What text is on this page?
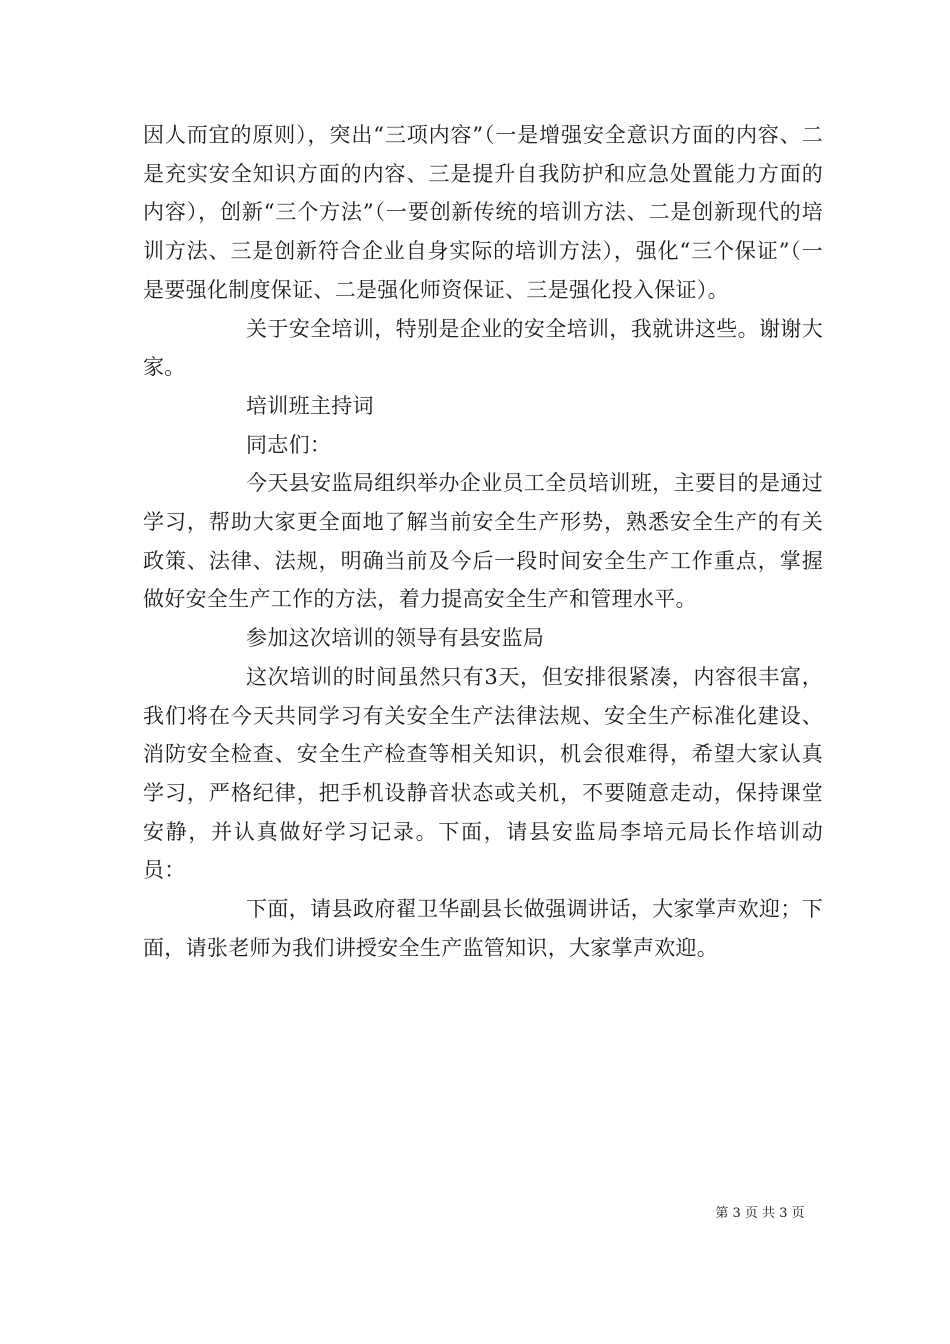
因人而宜的原则），突出“三项内容”（一是增强安全意识方面的内容、二是充实安全知识方面的内容、三是提升自我防护和应急处置能力方面的内容），创新“三个方法”（一要创新传统的培训方法、二是创新现代的培训方法、三是创新符合企业自身实际的培训方法），强化“三个保证”（一是要强化制度保证、二是强化师资保证、三是强化投入保证）。

关于安全培训，特别是企业的安全培训，我就讲这些。谢谢大家。

培训班主持词

同志们：

今天县安监局组织举办企业员工全员培训班，主要目的是通过学习，帮助大家更全面地了解当前安全生产形势，熟悉安全生产的有关政策、法律、法规，明确当前及今后一段时间安全生产工作重点，掌握做好安全生产工作的方法，着力提高安全生产和管理水平。

参加这次培训的领导有县安监局

这次培训的时间虽然只有3天，但安排很紧凑，内容很丰富，我们将在今天共同学习有关安全生产法律法规、安全生产标准化建设、消防安全检查、安全生产检查等相关知识，机会很难得，希望大家认真学习，严格纪律，把手机设静音状态或关机，不要随意走动，保持课堂安静，并认真做好学习记录。下面，请县安监局李培元局长作培训动员：

下面，请县政府翟卫华副县长做强调讲话，大家掌声欢迎；下面，请张老师为我们讲授安全生产监管知识，大家掌声欢迎。

第 3 页 共 3 页
